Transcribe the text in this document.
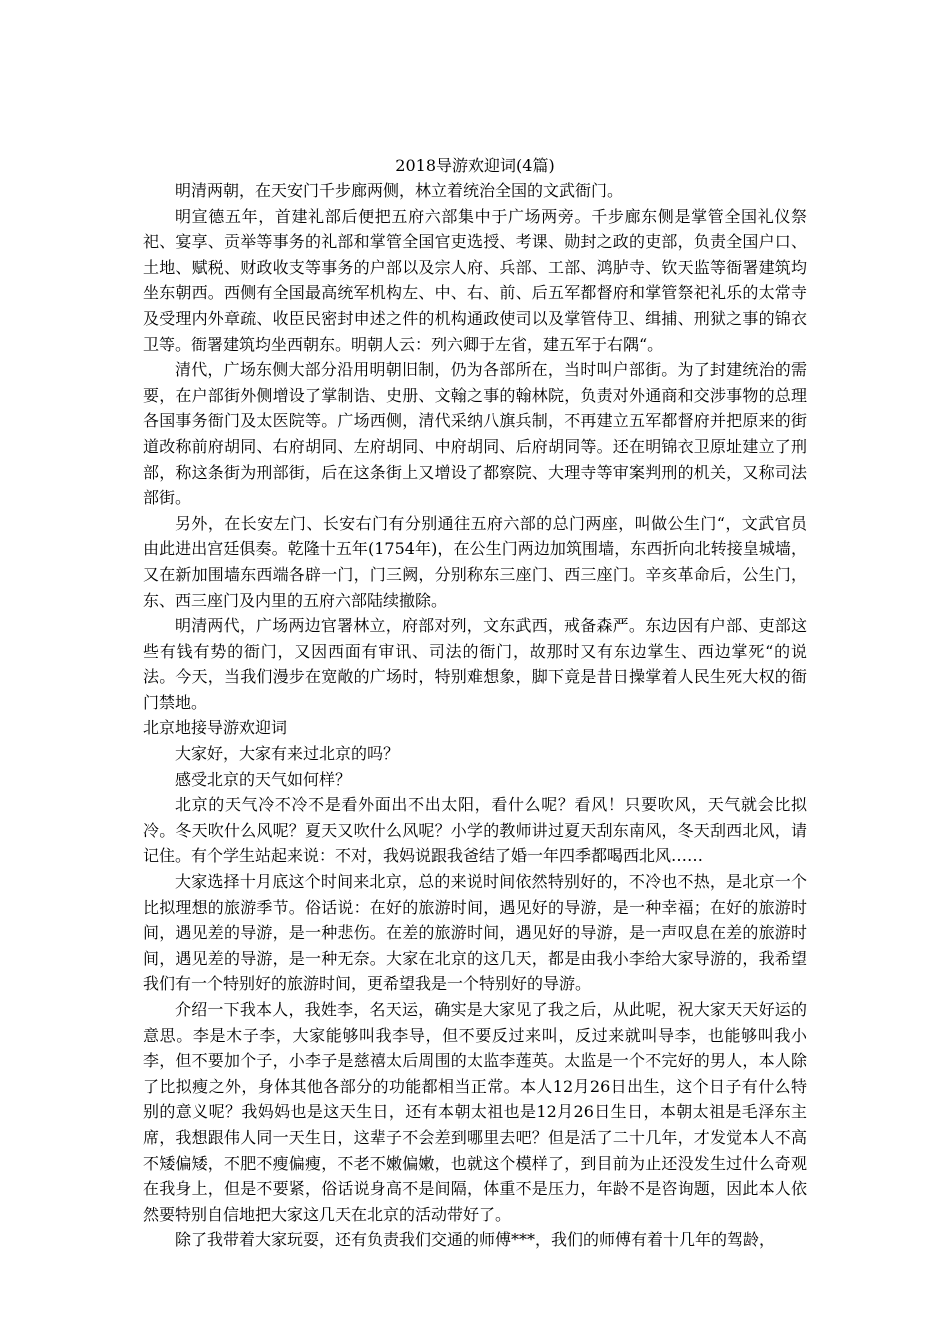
2018导游欢迎词(4篇)

明清两朝，在天安门千步廊两侧，林立着统治全国的文武衙门。

明宣德五年，首建礼部后便把五府六部集中于广场两旁。千步廊东侧是掌管全国礼仪祭祀、宴享、贡举等事务的礼部和掌管全国官吏选授、考课、勋封之政的吏部，负责全国户口、土地、赋税、财政收支等事务的户部以及宗人府、兵部、工部、鸿胪寺、钦天监等衙署建筑均坐东朝西。西侧有全国最高统军机构左、中、右、前、后五军都督府和掌管祭祀礼乐的太常寺及受理内外章疏、收臣民密封申述之件的机构通政使司以及掌管侍卫、缉捕、刑狱之事的锦衣卫等。衙署建筑均坐西朝东。明朝人云：列六卿于左省，建五军于右隅“。

清代，广场东侧大部分沿用明朝旧制，仍为各部所在，当时叫户部街。为了封建统治的需要，在户部街外侧增设了掌制诰、史册、文翰之事的翰林院，负责对外通商和交涉事物的总理各国事务衙门及太医院等。广场西侧，清代采纳八旗兵制，不再建立五军都督府并把原来的街道改称前府胡同、右府胡同、左府胡同、中府胡同、后府胡同等。还在明锦衣卫原址建立了刑部，称这条街为刑部街，后在这条街上又增设了都察院、大理寺等审案判刑的机关，又称司法部街。

另外，在长安左门、长安右门有分别通往五府六部的总门两座，叫做公生门“，文武官员由此进出宫廷俱奏。乾隆十五年(1754年)，在公生门两边加筑围墙，东西折向北转接皇城墙，又在新加围墙东西端各辟一门，门三阙，分别称东三座门、西三座门。辛亥革命后，公生门，东、西三座门及内里的五府六部陆续撤除。

明清两代，广场两边官署林立，府部对列，文东武西，戒备森严。东边因有户部、吏部这些有钱有势的衙门，又因西面有审讯、司法的衙门，故那时又有东边掌生、西边掌死“的说法。今天，当我们漫步在宽敞的广场时，特别难想象，脚下竟是昔日操掌着人民生死大权的衙门禁地。

北京地接导游欢迎词

大家好，大家有来过北京的吗？

感受北京的天气如何样？

北京的天气冷不冷不是看外面出不出太阳，看什么呢？看风！只要吹风，天气就会比拟冷。冬天吹什么风呢？夏天又吹什么风呢？小学的教师讲过夏天刮东南风，冬天刮西北风，请记住。有个学生站起来说：不对，我妈说跟我爸结了婚一年四季都喝西北风……

大家选择十月底这个时间来北京，总的来说时间依然特别好的，不冷也不热，是北京一个比拟理想的旅游季节。俗话说：在好的旅游时间，遇见好的导游，是一种幸福；在好的旅游时间，遇见差的导游，是一种悲伤。在差的旅游时间，遇见好的导游，是一声叹息在差的旅游时间，遇见差的导游，是一种无奈。大家在北京的这几天，都是由我小李给大家导游的，我希望我们有一个特别好的旅游时间，更希望我是一个特别好的导游。

介绍一下我本人，我姓李，名天运，确实是大家见了我之后，从此呢，祝大家天天好运的意思。李是木子李，大家能够叫我李导，但不要反过来叫，反过来就叫导李，也能够叫我小李，但不要加个子，小李子是慈禧太后周围的太监李莲英。太监是一个不完好的男人，本人除了比拟瘦之外，身体其他各部分的功能都相当正常。本人12月26日出生，这个日子有什么特别的意义呢？我妈妈也是这天生日，还有本朝太祖也是12月26日生日，本朝太祖是毛泽东主席，我想跟伟人同一天生日，这辈子不会差到哪里去吧？但是活了二十几年，才发觉本人不高不矮偏矮，不肥不瘦偏瘦，不老不嫩偏嫩，也就这个模样了，到目前为止还没发生过什么奇观在我身上，但是不要紧，俗话说身高不是间隔，体重不是压力，年龄不是咨询题，因此本人依然要特别自信地把大家这几天在北京的活动带好了。

除了我带着大家玩耍，还有负责我们交通的师傅***，我们的师傅有着十几年的驾龄，
